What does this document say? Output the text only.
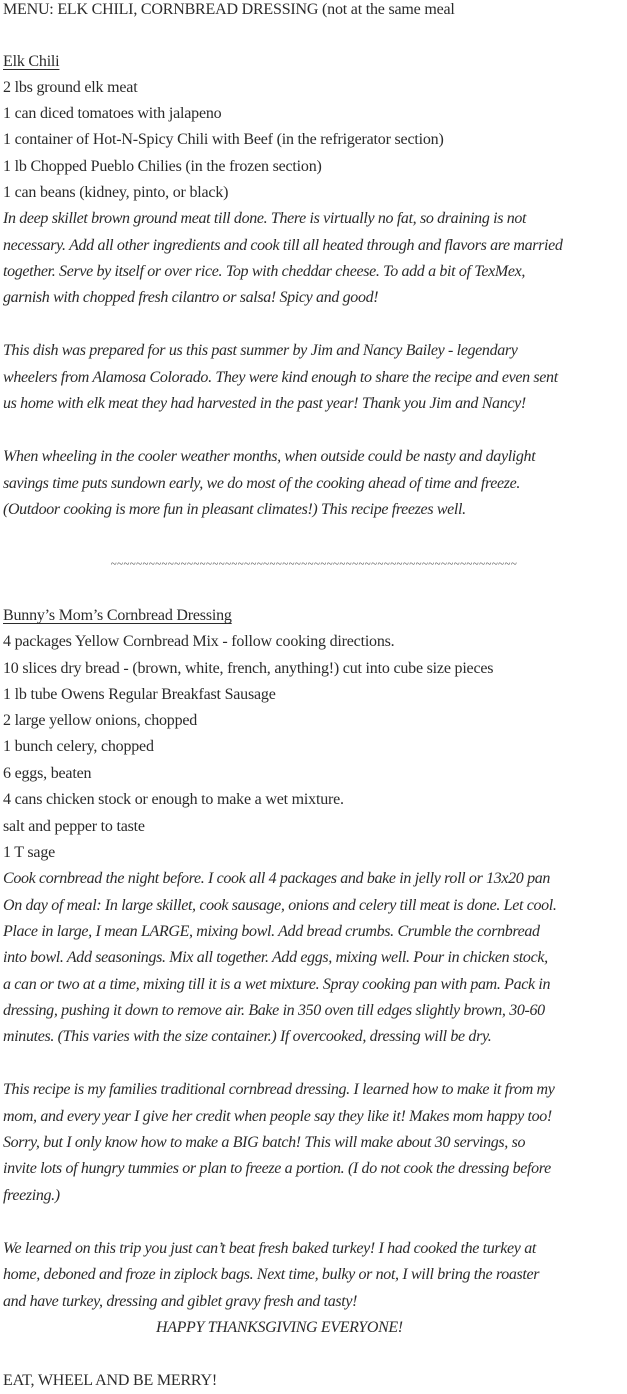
MENU: ELK CHILI, CORNBREAD DRESSING (not at the same meal
Elk Chili
2 lbs ground elk meat
1 can diced tomatoes with jalapeno
1 container of Hot-N-Spicy Chili with Beef (in the refrigerator section)
1 lb Chopped Pueblo Chilies (in the frozen section)
1 can beans (kidney, pinto, or black)
In deep skillet brown ground meat till done. There is virtually no fat, so draining is not
necessary. Add all other ingredients and cook till all heated through and flavors are married
together. Serve by itself or over rice. Top with cheddar cheese. To add a bit of TexMex,
garnish with chopped fresh cilantro or salsa! Spicy and good!
This dish was prepared for us this past summer by Jim and Nancy Bailey - legendary
wheelers from Alamosa Colorado. They were kind enough to share the recipe and even sent
us home with elk meat they had harvested in the past year! Thank you Jim and Nancy!
When wheeling in the cooler weather months, when outside could be nasty and daylight
savings time puts sundown early, we do most of the cooking ahead of time and freeze.
(Outdoor cooking is more fun in pleasant climates!) This recipe freezes well.
~~~~~~~~~~~~~~~~~~~~~~~~~~~~~~~~~~~~~~~~~~~~~~~~~~~~~~~~~~~~~~~~
Bunny’s Mom’s Cornbread Dressing
4 packages Yellow Cornbread Mix - follow cooking directions.
10 slices dry bread - (brown, white, french, anything!) cut into cube size pieces
1 lb tube Owens Regular Breakfast Sausage
2 large yellow onions, chopped
1 bunch celery, chopped
6 eggs, beaten
4 cans chicken stock or enough to make a wet mixture.
salt and pepper to taste
1 T sage
Cook cornbread the night before. I cook all 4 packages and bake in jelly roll or 13x20 pan
On day of meal: In large skillet, cook sausage, onions and celery till meat is done. Let cool.
Place in large, I mean LARGE, mixing bowl. Add bread crumbs. Crumble the cornbread
into bowl. Add seasonings. Mix all together. Add eggs, mixing well. Pour in chicken stock,
a can or two at a time, mixing till it is a wet mixture. Spray cooking pan with pam. Pack in
dressing, pushing it down to remove air. Bake in 350 oven till edges slightly brown, 30-60
minutes. (This varies with the size container.) If overcooked, dressing will be dry.
This recipe is my families traditional cornbread dressing. I learned how to make it from my
mom, and every year I give her credit when people say they like it! Makes mom happy too!
Sorry, but I only know how to make a BIG batch! This will make about 30 servings, so
invite lots of hungry tummies or plan to freeze a portion. (I do not cook the dressing before
freezing.)
We learned on this trip you just can’t beat fresh baked turkey! I had cooked the turkey at
home, deboned and froze in ziplock bags. Next time, bulky or not, I will bring the roaster
and have turkey, dressing and giblet gravy fresh and tasty!
HAPPY THANKSGIVING EVERYONE!
EAT, WHEEL AND BE MERRY!
